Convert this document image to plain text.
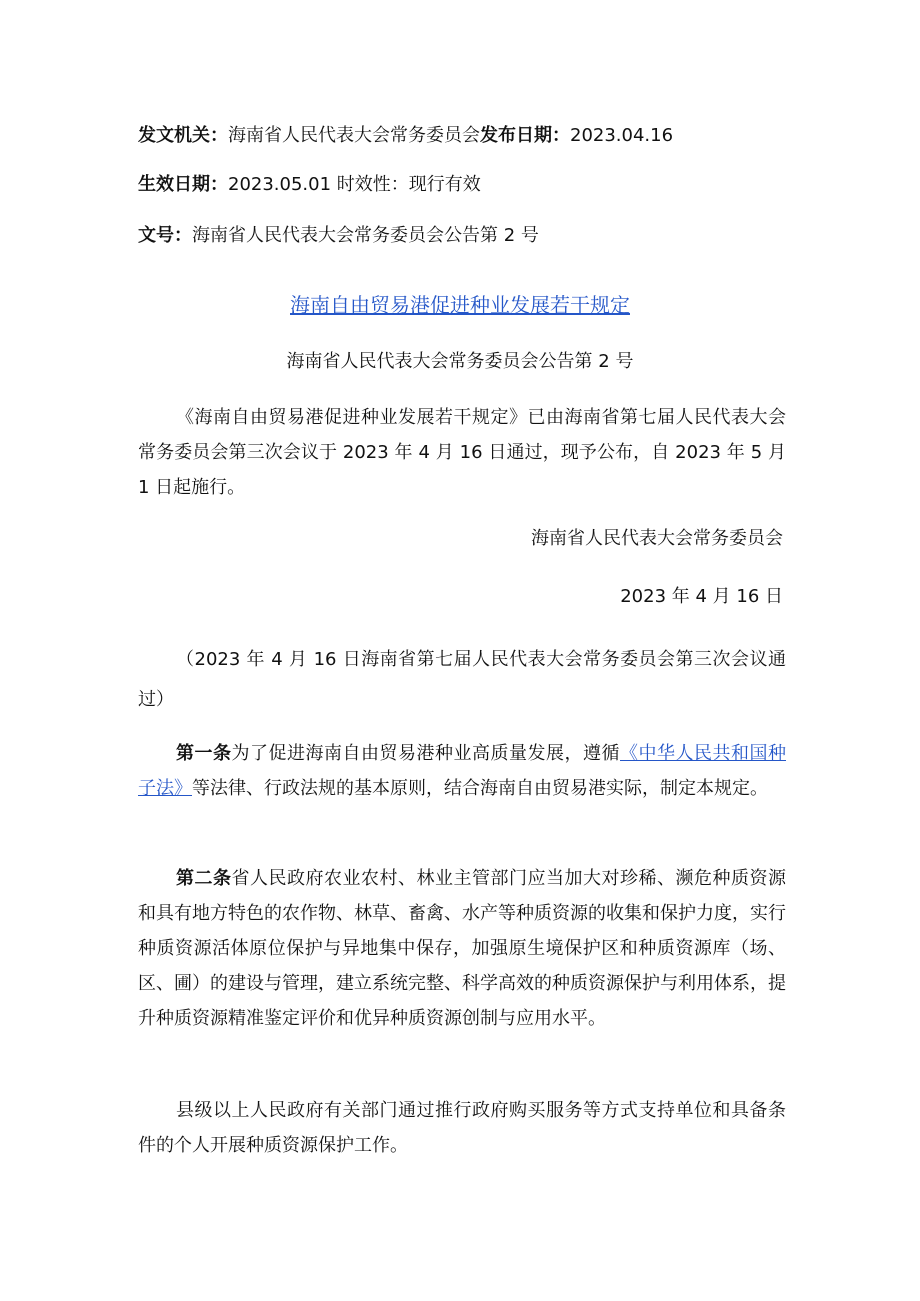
发文机关：海南省人民代表大会常务委员会发布日期：2023.04.16
生效日期：2023.05.01 时效性：现行有效
文号：海南省人民代表大会常务委员会公告第 2 号
海南自由贸易港促进种业发展若干规定
海南省人民代表大会常务委员会公告第 2 号
《海南自由贸易港促进种业发展若干规定》已由海南省第七届人民代表大会常务委员会第三次会议于 2023 年 4 月 16 日通过，现予公布，自 2023 年 5 月 1 日起施行。
海南省人民代表大会常务委员会
2023 年 4 月 16 日
（2023 年 4 月 16 日海南省第七届人民代表大会常务委员会第三次会议通过）
第一条为了促进海南自由贸易港种业高质量发展，遵循《中华人民共和国种子法》等法律、行政法规的基本原则，结合海南自由贸易港实际，制定本规定。
第二条省人民政府农业农村、林业主管部门应当加大对珍稀、濒危种质资源和具有地方特色的农作物、林草、畜禽、水产等种质资源的收集和保护力度，实行种质资源活体原位保护与异地集中保存，加强原生境保护区和种质资源库（场、区、圃）的建设与管理，建立系统完整、科学高效的种质资源保护与利用体系，提升种质资源精准鉴定评价和优异种质资源创制与应用水平。
县级以上人民政府有关部门通过推行政府购买服务等方式支持单位和具备条件的个人开展种质资源保护工作。
